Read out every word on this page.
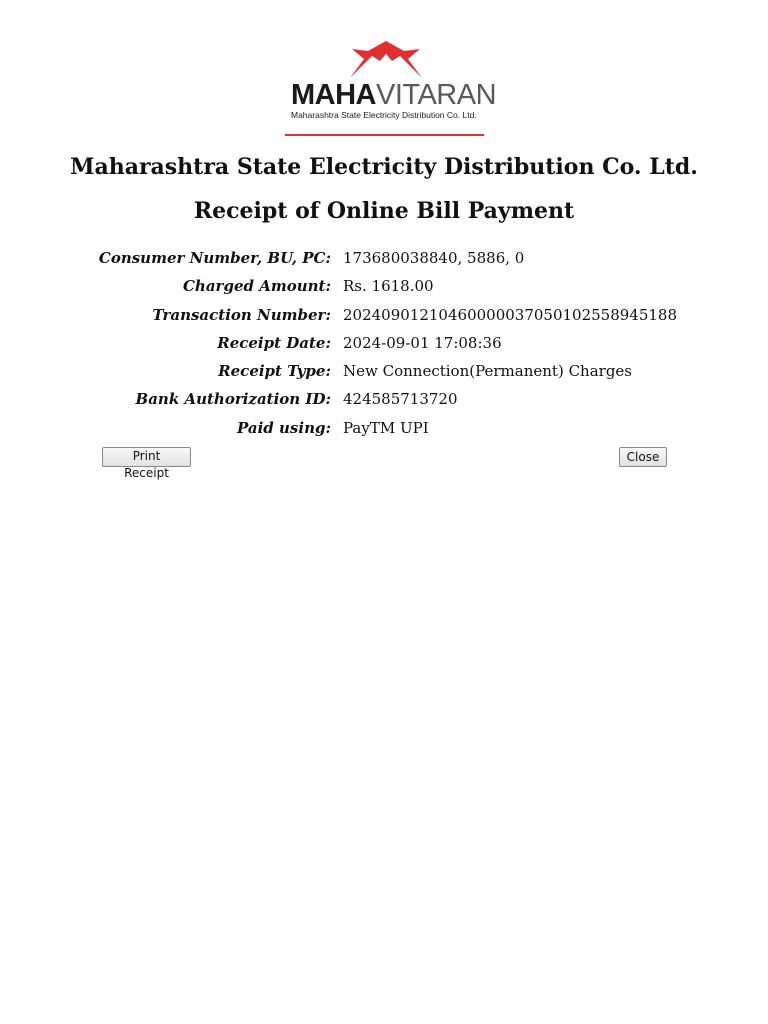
MAHAVITARAN
Maharashtra State Electricity Distribution Co. Ltd.
Maharashtra State Electricity Distribution Co. Ltd.
Receipt of Online Bill Payment
Consumer Number, BU, PC: 173680038840, 5886, 0
Charged Amount: Rs. 1618.00
Transaction Number: 20240901210460000037050102558945188
Receipt Date: 2024-09-01 17:08:36
Receipt Type: New Connection(Permanent) Charges
Bank Authorization ID: 424585713720
Paid using: PayTM UPI
Print Receipt
Close
